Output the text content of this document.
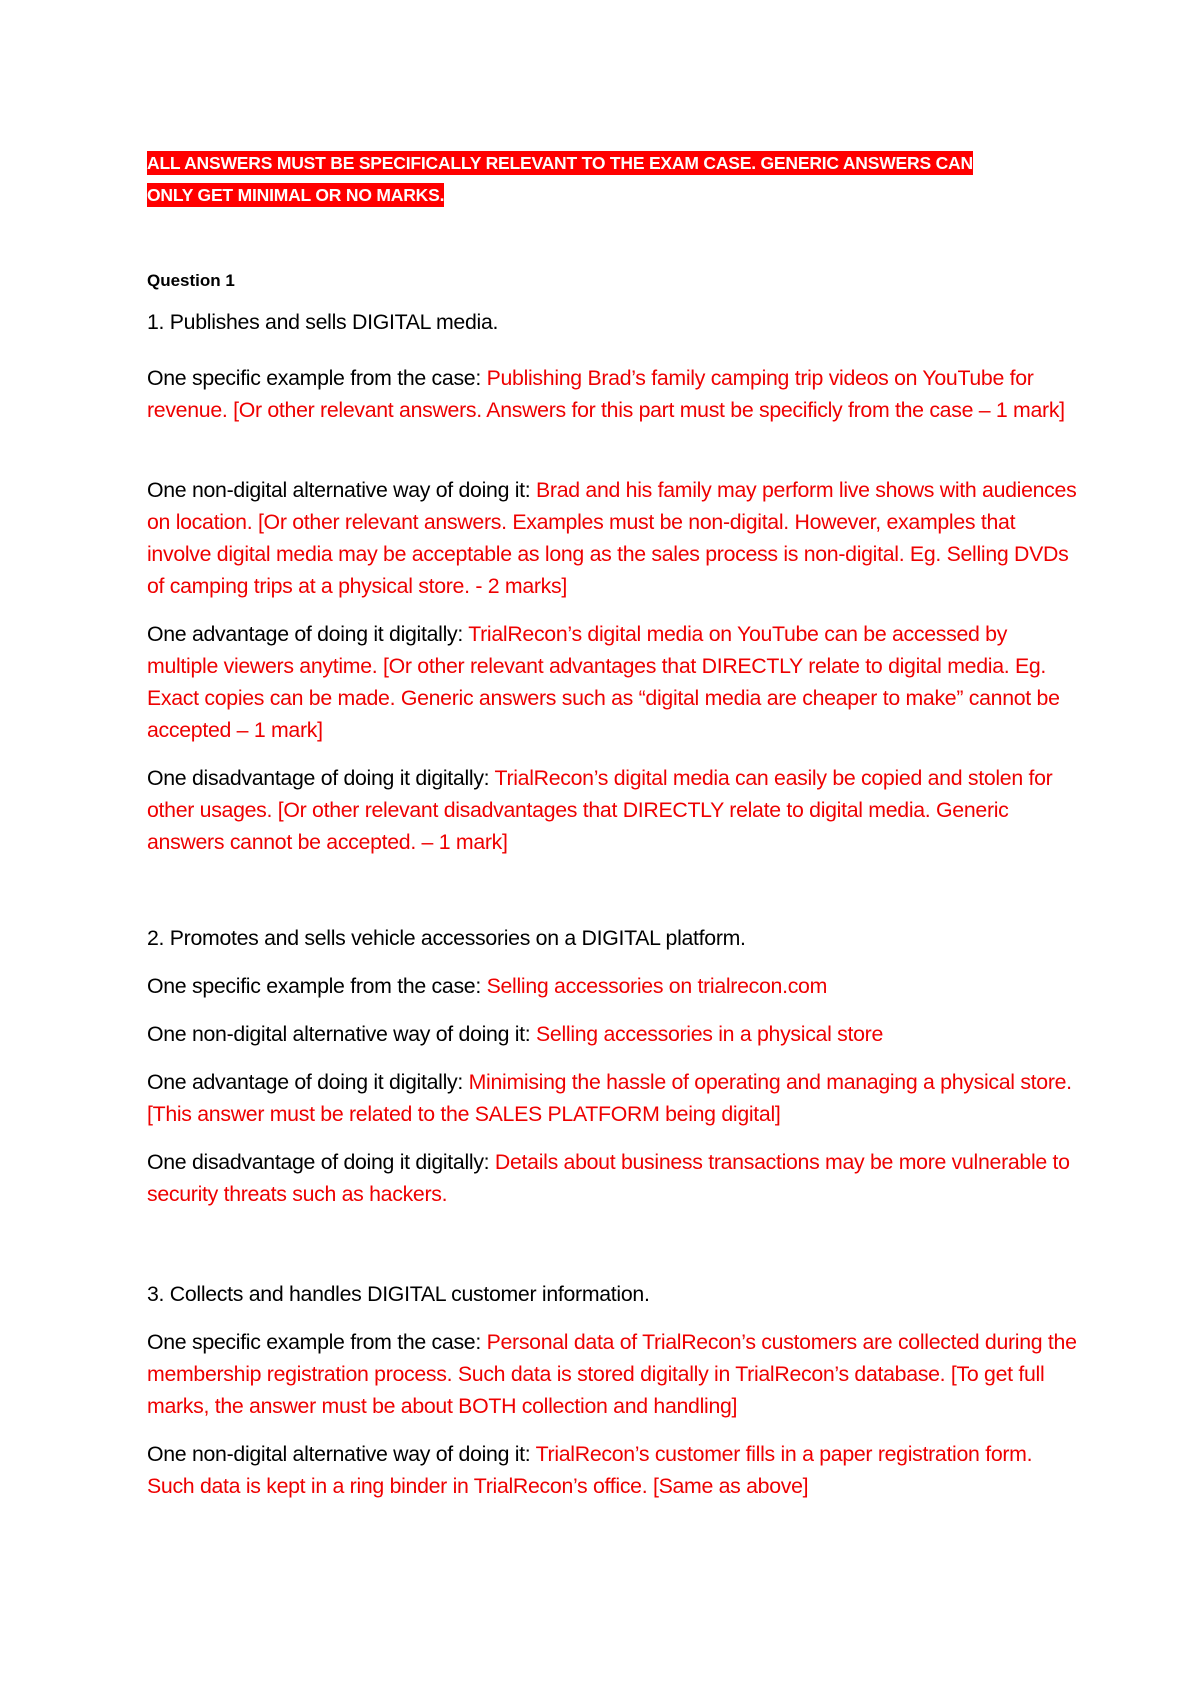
ALL ANSWERS MUST BE SPECIFICALLY RELEVANT TO THE EXAM CASE. GENERIC ANSWERS CAN
ONLY GET MINIMAL OR NO MARKS.
Question 1

1. Publishes and sells DIGITAL media.

One specific example from the case: Publishing Brad’s family camping trip videos on YouTube for revenue. [Or other relevant answers. Answers for this part must be specificly from the case – 1 mark]

One non-digital alternative way of doing it: Brad and his family may perform live shows with audiences on location. [Or other relevant answers. Examples must be non-digital. However, examples that involve digital media may be acceptable as long as the sales process is non-digital. Eg. Selling DVDs of camping trips at a physical store. - 2 marks]

One advantage of doing it digitally: TrialRecon’s digital media on YouTube can be accessed by multiple viewers anytime. [Or other relevant advantages that DIRECTLY relate to digital media. Eg. Exact copies can be made. Generic answers such as “digital media are cheaper to make” cannot be accepted – 1 mark]

One disadvantage of doing it digitally: TrialRecon’s digital media can easily be copied and stolen for other usages. [Or other relevant disadvantages that DIRECTLY relate to digital media. Generic answers cannot be accepted. – 1 mark]

2. Promotes and sells vehicle accessories on a DIGITAL platform.

One specific example from the case: Selling accessories on trialrecon.com

One non-digital alternative way of doing it: Selling accessories in a physical store

One advantage of doing it digitally: Minimising the hassle of operating and managing a physical store. [This answer must be related to the SALES PLATFORM being digital]

One disadvantage of doing it digitally: Details about business transactions may be more vulnerable to security threats such as hackers.

3. Collects and handles DIGITAL customer information.

One specific example from the case: Personal data of TrialRecon’s customers are collected during the membership registration process. Such data is stored digitally in TrialRecon’s database. [To get full marks, the answer must be about BOTH collection and handling]

One non-digital alternative way of doing it: TrialRecon’s customer fills in a paper registration form. Such data is kept in a ring binder in TrialRecon’s office. [Same as above]
